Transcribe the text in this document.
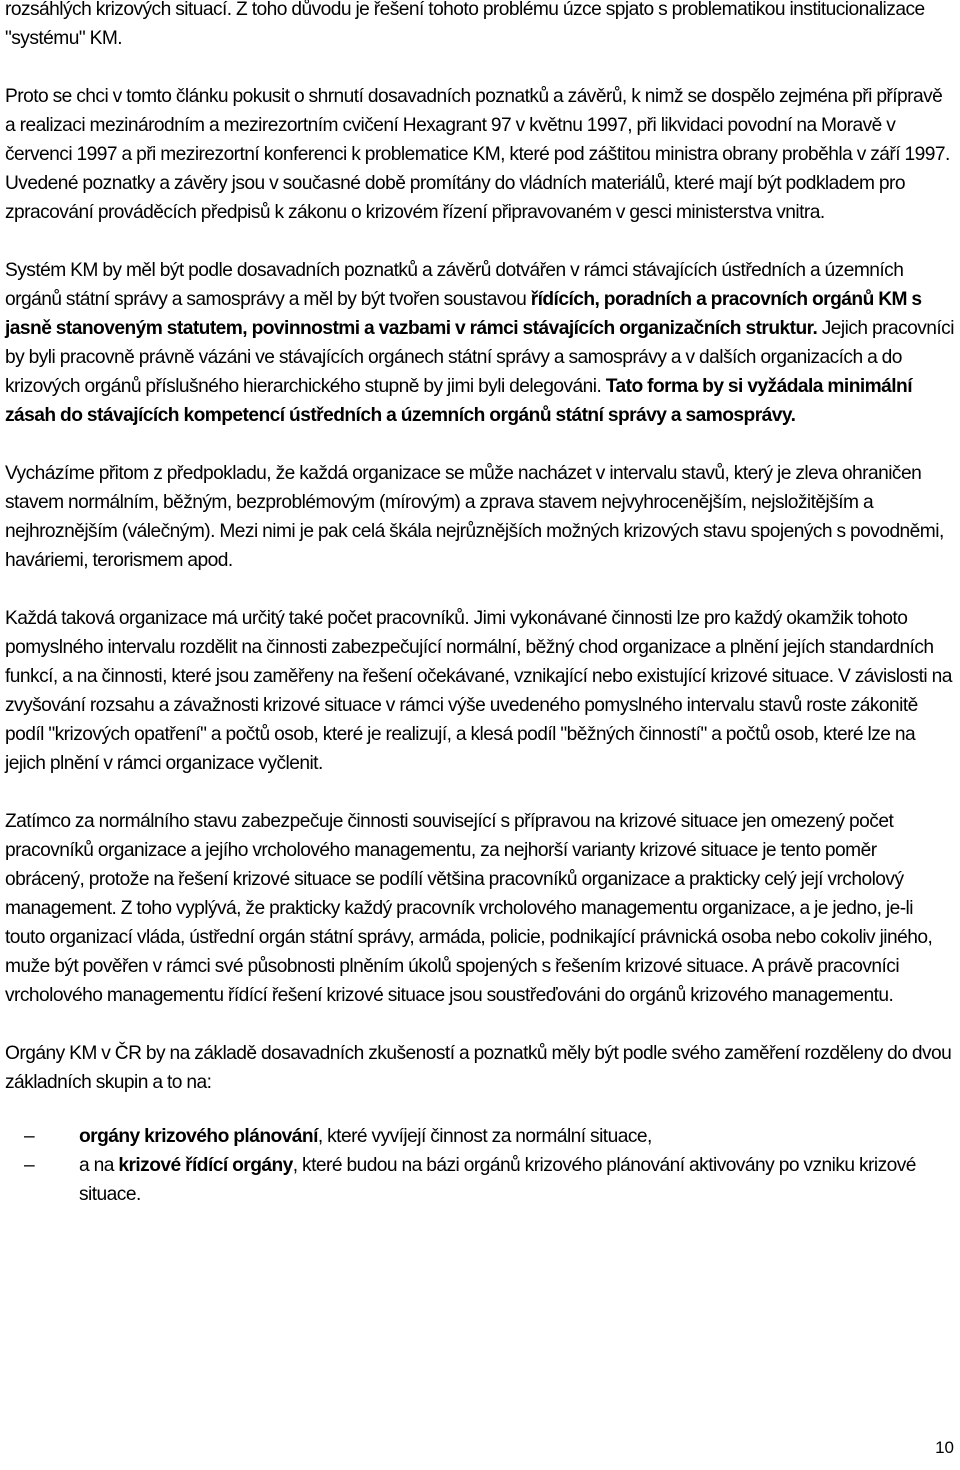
rozsáhlých krizových situací. Z toho důvodu je řešení tohoto problému úzce spjato s problematikou institucionalizace "systému" KM.

Proto se chci v tomto článku pokusit o shrnutí dosavadních poznatků a závěrů, k nimž se dospělo zejména při přípravě a realizaci mezinárodním a mezirezortním cvičení Hexagrant 97 v květnu 1997, při likvidaci povodní na Moravě v červenci 1997 a při mezirezortní konferenci k problematice KM, které pod záštitou ministra obrany proběhla v září 1997. Uvedené poznatky a závěry jsou v současné době promítány do vládních materiálů, které mají být podkladem pro zpracování prováděcích předpisů k zákonu o krizovém řízení připravovaném v gesci ministerstva vnitra.

Systém KM by měl být podle dosavadních poznatků a závěrů dotvářen v rámci stávajících ústředních a územních orgánů státní správy a samosprávy a měl by být tvořen soustavou řídících, poradních a pracovních orgánů KM s jasně stanoveným statutem, povinnostmi a vazbami v rámci stávajících organizačních struktur. Jejich pracovníci by byli pracovně právně vázáni ve stávajících orgánech státní správy a samosprávy a v dalších organizacích a do krizových orgánů příslušného hierarchického stupně by jimi byli delegováni. Tato forma by si vyžádala minimální zásah do stávajících kompetencí ústředních a územních orgánů státní správy a samosprávy.

Vycházíme přitom z předpokladu, že každá organizace se může nacházet v intervalu stavů, který je zleva ohraničen stavem normálním, běžným, bezproblémovým (mírovým) a zprava stavem nejvyhrocenějším, nejsložitějším a nejhroznějším (válečným). Mezi nimi je pak celá škála nejrůznějších možných krizových stavu spojených s povodněmi, haváriemi, terorismem apod.

Každá taková organizace má určitý také počet pracovníků. Jimi vykonávané činnosti lze pro každý okamžik tohoto pomyslného intervalu rozdělit na činnosti zabezpečující normální, běžný chod organizace a plnění jejích standardních funkcí, a na činnosti, které jsou zaměřeny na řešení očekávané, vznikající nebo existující krizové situace. V závislosti na zvyšování rozsahu a závažnosti krizové situace v rámci výše uvedeného pomyslného intervalu stavů roste zákonitě podíl "krizových opatření" a počtů osob, které je realizují, a klesá podíl "běžných činností" a počtů osob, které lze na jejich plnění v rámci organizace vyčlenit.

Zatímco za normálního stavu zabezpečuje činnosti související s přípravou na krizové situace jen omezený počet pracovníků organizace a jejího vrcholového managementu, za nejhorší varianty krizové situace je tento poměr obrácený, protože na řešení krizové situace se podílí většina pracovníků organizace a prakticky celý její vrcholový management. Z toho vyplývá, že prakticky každý pracovník vrcholového managementu organizace, a je jedno, je-li touto organizací vláda, ústřední orgán státní správy, armáda, policie, podnikající právnická osoba nebo cokoliv jiného, muže být pověřen v rámci své působnosti plněním úkolů spojených s řešením krizové situace. A právě pracovníci vrcholového managementu řídící řešení krizové situace jsou soustřeďováni do orgánů krizového managementu.

Orgány KM v ČR by na základě dosavadních zkušeností a poznatků měly být podle svého zaměření rozděleny do dvou základních skupin a to na:

– orgány krizového plánování, které vyvíjejí činnost za normální situace,
– a na krizové řídící orgány, které budou na bázi orgánů krizového plánování aktivovány po vzniku krizové situace.
10
